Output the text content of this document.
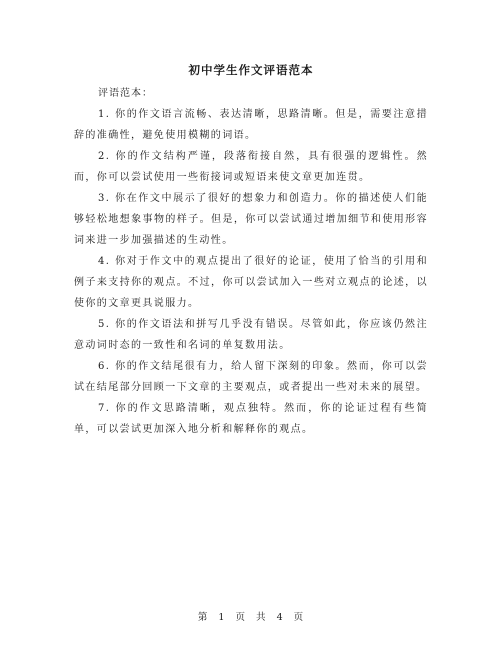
初中学生作文评语范本

评语范本：

1. 你的作文语言流畅、表达清晰，思路清晰。但是，需要注意措辞的准确性，避免使用模糊的词语。

2. 你的作文结构严谨，段落衔接自然，具有很强的逻辑性。然而，你可以尝试使用一些衔接词或短语来使文章更加连贯。

3. 你在作文中展示了很好的想象力和创造力。你的描述使人们能够轻松地想象事物的样子。但是，你可以尝试通过增加细节和使用形容词来进一步加强描述的生动性。

4. 你对于作文中的观点提出了很好的论证，使用了恰当的引用和例子来支持你的观点。不过，你可以尝试加入一些对立观点的论述，以使你的文章更具说服力。

5. 你的作文语法和拼写几乎没有错误。尽管如此，你应该仍然注意动词时态的一致性和名词的单复数用法。

6. 你的作文结尾很有力，给人留下深刻的印象。然而，你可以尝试在结尾部分回顾一下文章的主要观点，或者提出一些对未来的展望。

7. 你的作文思路清晰，观点独特。然而，你的论证过程有些简单，可以尝试更加深入地分析和解释你的观点。

第 1 页 共 4 页
